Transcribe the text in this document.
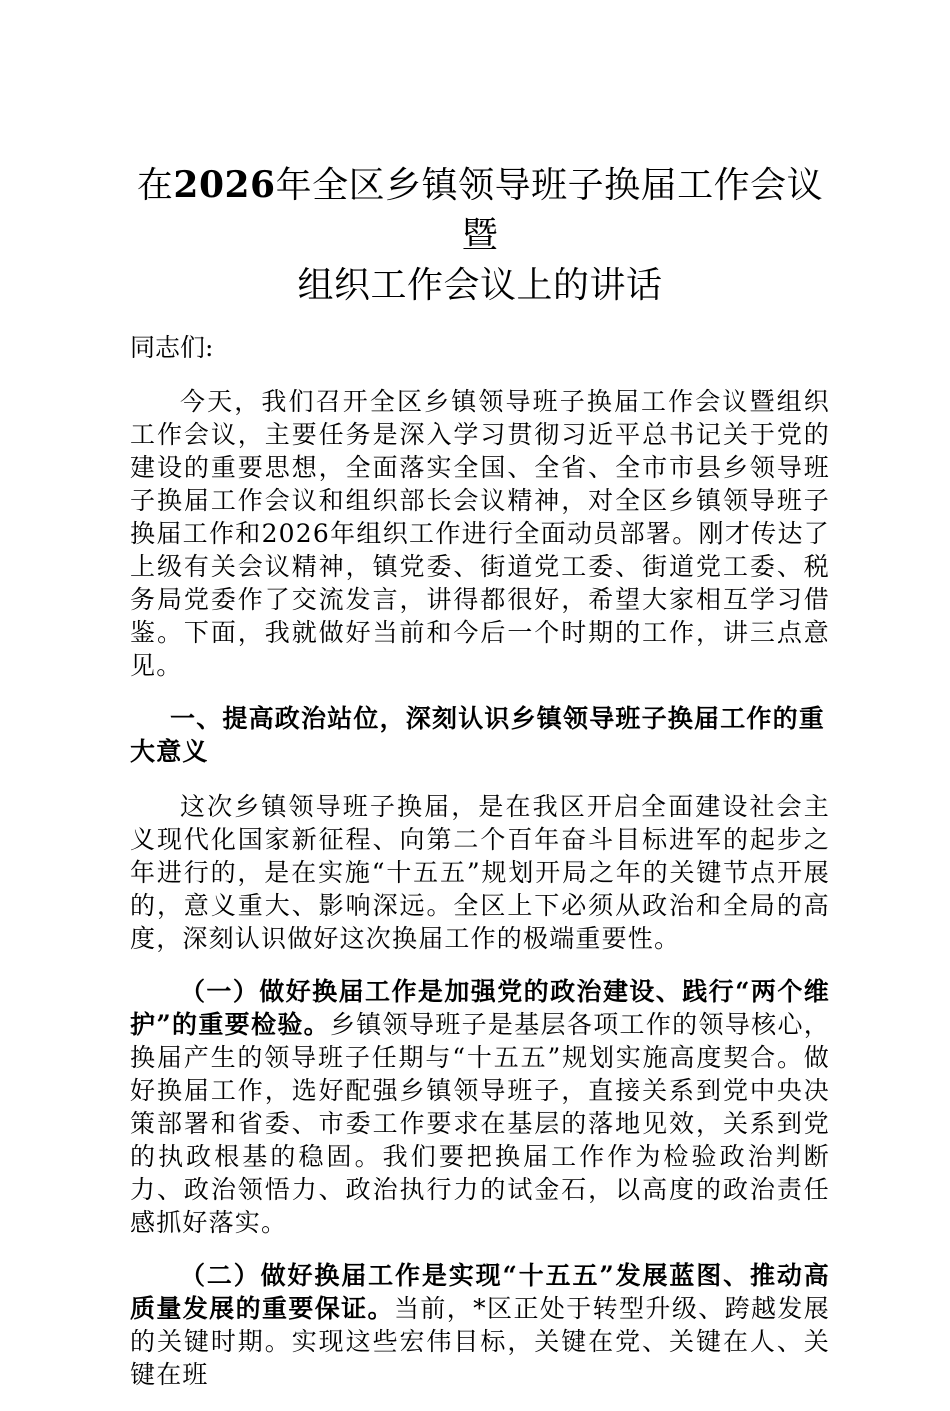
在2026年全区乡镇领导班子换届工作会议暨
组织工作会议上的讲话

同志们:

今天，我们召开全区乡镇领导班子换届工作会议暨组织工作会议，主要任务是深入学习贯彻习近平总书记关于党的建设的重要思想，全面落实全国、全省、全市市县乡领导班子换届工作会议和组织部长会议精神，对全区乡镇领导班子换届工作和2026年组织工作进行全面动员部署。刚才传达了上级有关会议精神，镇党委、街道党工委、街道党工委、税务局党委作了交流发言，讲得都很好，希望大家相互学习借鉴。下面，我就做好当前和今后一个时期的工作，讲三点意见。

一、提高政治站位，深刻认识乡镇领导班子换届工作的重大意义

这次乡镇领导班子换届，是在我区开启全面建设社会主义现代化国家新征程、向第二个百年奋斗目标进军的起步之年进行的，是在实施“十五五”规划开局之年的关键节点开展的，意义重大、影响深远。全区上下必须从政治和全局的高度，深刻认识做好这次换届工作的极端重要性。

（一）做好换届工作是加强党的政治建设、践行“两个维护”的重要检验。乡镇领导班子是基层各项工作的领导核心，换届产生的领导班子任期与“十五五”规划实施高度契合。做好换届工作，选好配强乡镇领导班子，直接关系到党中央决策部署和省委、市委工作要求在基层的落地见效，关系到党的执政根基的稳固。我们要把换届工作作为检验政治判断力、政治领悟力、政治执行力的试金石，以高度的政治责任感抓好落实。

（二）做好换届工作是实现“十五五”发展蓝图、推动高质量发展的重要保证。当前，*区正处于转型升级、跨越发展的关键时期。实现这些宏伟目标，关键在党、关键在人、关键在班
